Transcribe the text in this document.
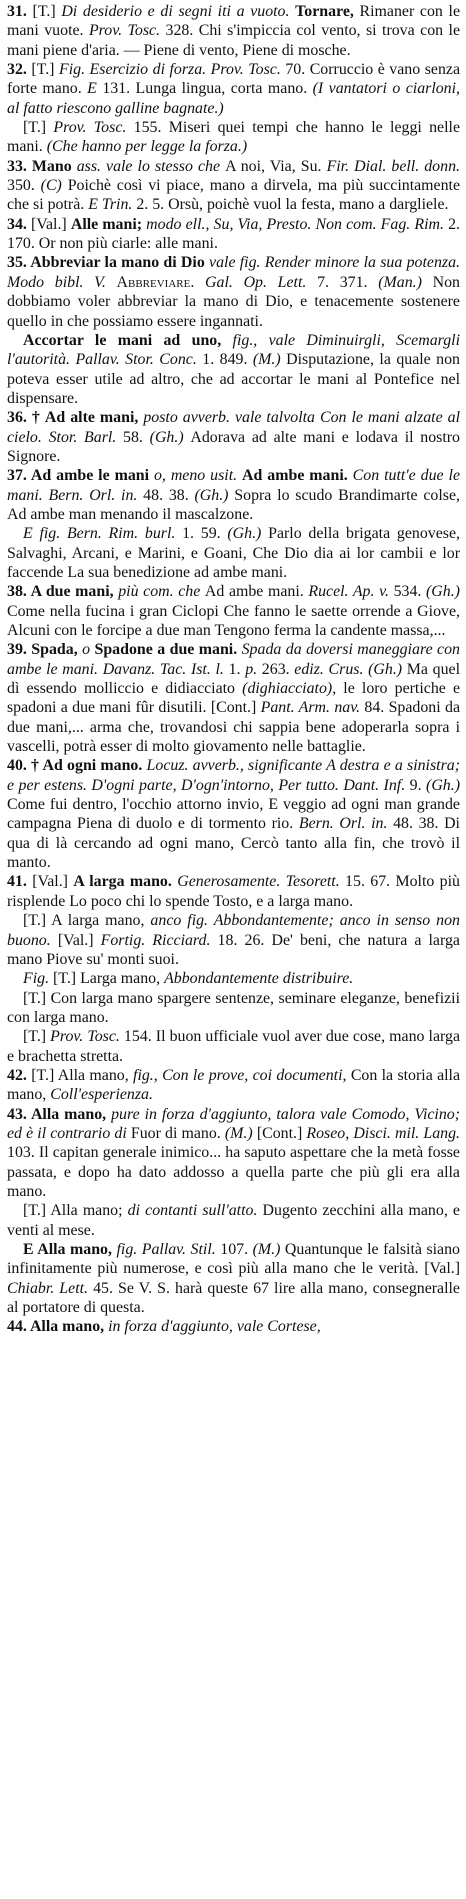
31. [T.] Di desiderio e di segni iti a vuoto. Tornare, Rimaner con le mani vuote. Prov. Tosc. 328. Chi s'impiccia col vento, si trova con le mani piene d'aria. — Piene di vento, Piene di mosche.

32. [T.] Fig. Esercizio di forza. Prov. Tosc. 70. Corruccio è vano senza forte mano. E 131. Lunga lingua, corta mano. (I vantatori o ciarloni, al fatto riescono galline bagnate.)

[T.] Prov. Tosc. 155. Miseri quei tempi che hanno le leggi nelle mani. (Che hanno per legge la forza.)

33. Mano ass. vale lo stesso che A noi, Via, Su. Fir. Dial. bell. donn. 350. (C) Poichè così vi piace, mano a dirvela, ma più succintamente che si potrà. E Trin. 2. 5. Orsù, poichè vuol la festa, mano a dargliele.

34. [Val.] Alle mani; modo ell., Su, Via, Presto. Non com. Fag. Rim. 2. 170. Or non più ciarle: alle mani.

35. Abbreviar la mano di Dio vale fig. Render minore la sua potenza. Modo bibl. V. Abbreviare. Gal. Op. Lett. 7. 371. (Man.) Non dobbiamo voler abbreviar la mano di Dio, e tenacemente sostenere quello in che possiamo essere ingannati.

Accortar le mani ad uno, fig., vale Diminuirgli, Scemargli l'autorità. Pallav. Stor. Conc. 1. 849. (M.) Disputazione, la quale non poteva esser utile ad altro, che ad accortar le mani al Pontefice nel dispensare.

36. † Ad alte mani, posto avverb. vale talvolta Con le mani alzate al cielo. Stor. Barl. 58. (Gh.) Adorava ad alte mani e lodava il nostro Signore.

37. Ad ambe le mani o, meno usit. Ad ambe mani. Con tutt'e due le mani. Bern. Orl. in. 48. 38. (Gh.) Sopra lo scudo Brandimarte colse, Ad ambe man menando il mascalzone.

E fig. Bern. Rim. burl. 1. 59. (Gh.) Parlo della brigata genovese, Salvaghi, Arcani, e Marini, e Goani, Che Dio dia ai lor cambii e lor faccende La sua benedizione ad ambe mani.

38. A due mani, più com. che Ad ambe mani. Rucel. Ap. v. 534. (Gh.) Come nella fucina i gran Ciclopi Che fanno le saette orrende a Giove, Alcuni con le forcipe a due man Tengono ferma la candente massa,...

39. Spada, o Spadone a due mani. Spada da doversi maneggiare con ambe le mani. Davanz. Tac. Ist. l. 1. p. 263. ediz. Crus. (Gh.) Ma quel dì essendo molliccio e didiacciato (dighiacciato), le loro pertiche e spadoni a due mani fûr disutili. [Cont.] Pant. Arm. nav. 84. Spadoni da due mani,... arma che, trovandosi chi sappia bene adoperarla sopra i vascelli, potrà esser di molto giovamento nelle battaglie.

40. † Ad ogni mano. Locuz. avverb., significante A destra e a sinistra; e per estens. D'ogni parte, D'ogn'intorno, Per tutto. Dant. Inf. 9. (Gh.) Come fui dentro, l'occhio attorno invio, E veggio ad ogni man grande campagna Piena di duolo e di tormento rio. Bern. Orl. in. 48. 38. Di qua di là cercando ad ogni mano, Cercò tanto alla fin, che trovò il manto.

41. [Val.] A larga mano. Generosamente. Tesorett. 15. 67. Molto più risplende Lo poco chi lo spende Tosto, e a larga mano.

[T.] A larga mano, anco fig. Abbondantemente; anco in senso non buono. [Val.] Fortig. Ricciard. 18. 26. De' beni, che natura a larga mano Piove su' monti suoi.

Fig. [T.] Larga mano, Abbondantemente distribuire.

[T.] Con larga mano spargere sentenze, seminare eleganze, benefizii con larga mano.

[T.] Prov. Tosc. 154. Il buon ufficiale vuol aver due cose, mano larga e brachetta stretta.

42. [T.] Alla mano, fig., Con le prove, coi documenti, Con la storia alla mano, Coll'esperienza.

43. Alla mano, pure in forza d'aggiunto, talora vale Comodo, Vicino; ed è il contrario di Fuor di mano. (M.) [Cont.] Roseo, Disci. mil. Lang. 103. Il capitan generale inimico... ha saputo aspettare che la metà fosse passata, e dopo ha dato addosso a quella parte che più gli era alla mano.

[T.] Alla mano; di contanti sull'atto. Dugento zecchini alla mano, e venti al mese.

E Alla mano, fig. Pallav. Stil. 107. (M.) Quantunque le falsità siano infinitamente più numerose, e così più alla mano che le verità. [Val.] Chiabr. Lett. 45. Se V. S. harà queste 67 lire alla mano, consegneralle al portatore di questa.

44. Alla mano, in forza d'aggiunto, vale Cortese,
